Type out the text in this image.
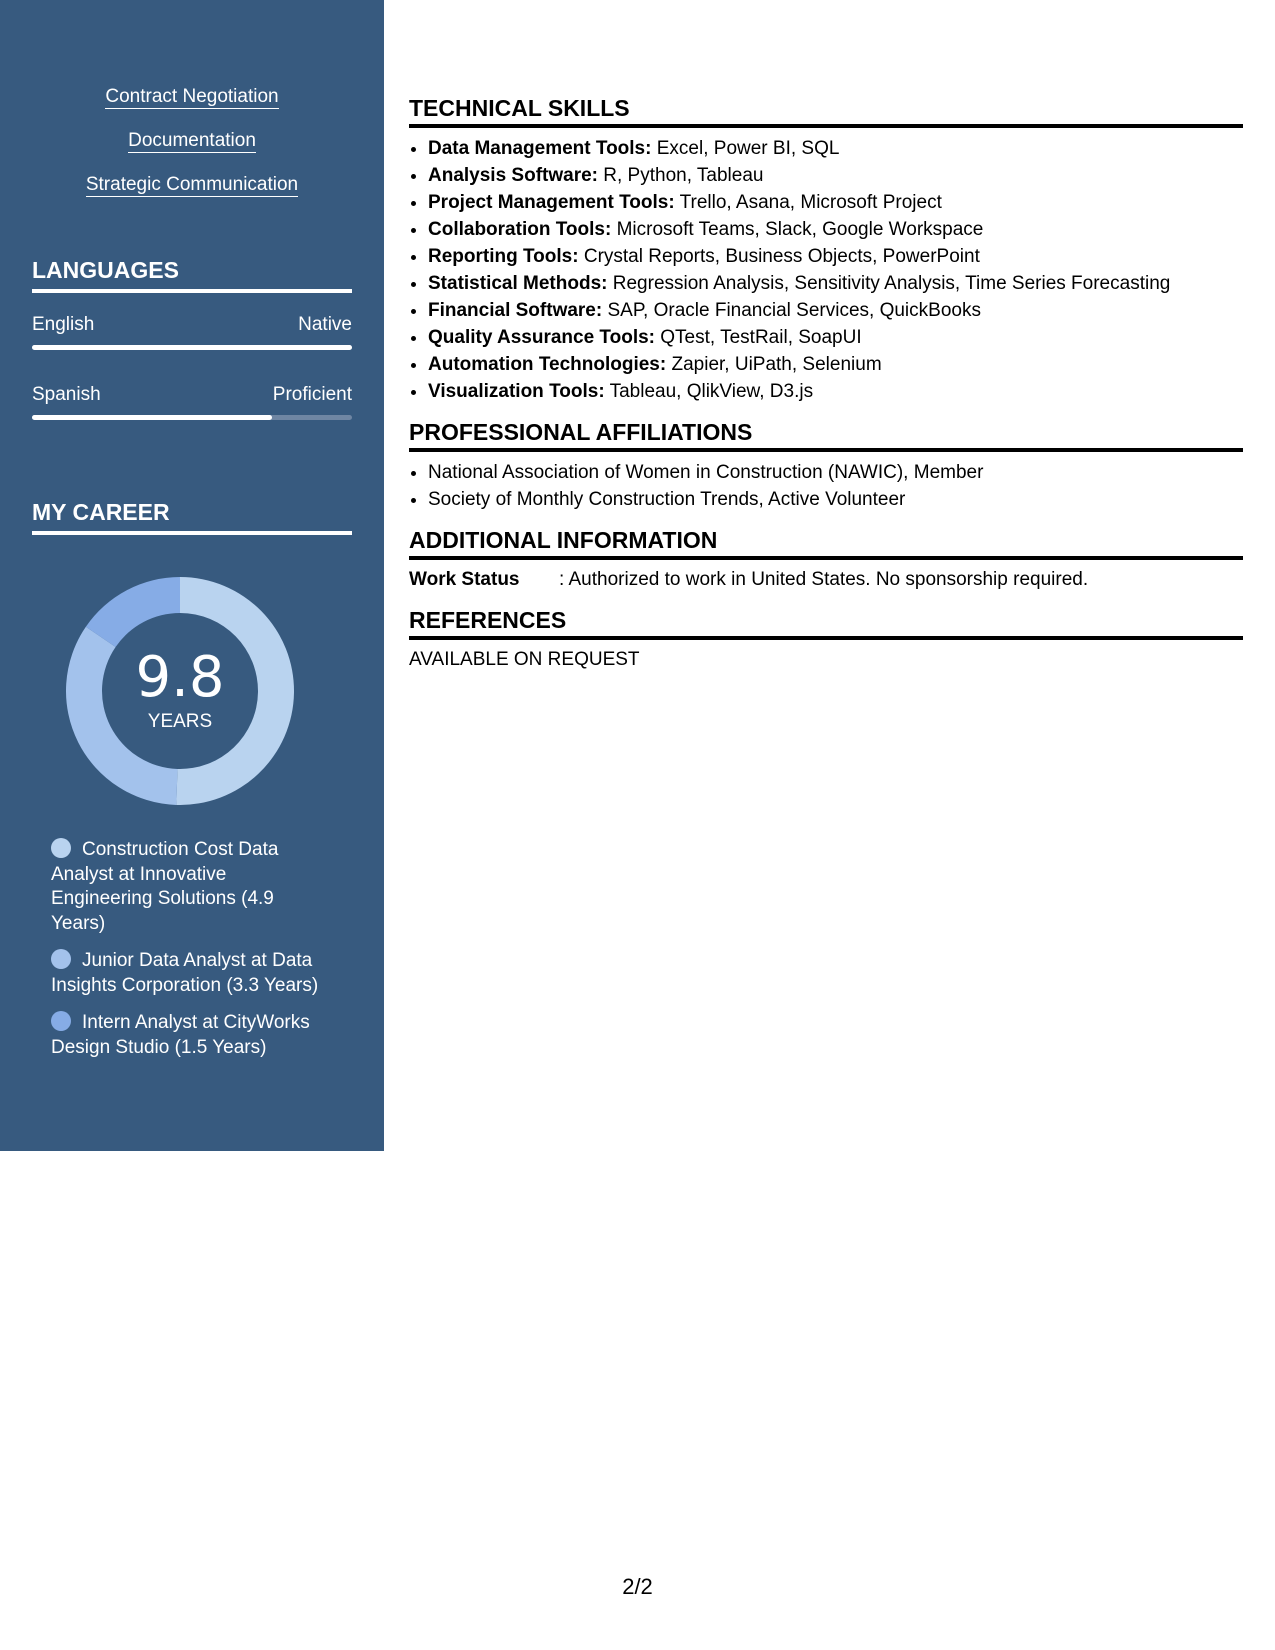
Contract Negotiation
Documentation
Strategic Communication
LANGUAGES
English	Native
Spanish	Proficient
MY CAREER
9.8
YEARS
Construction Cost Data Analyst at Innovative Engineering Solutions (4.9 Years)
Junior Data Analyst at Data Insights Corporation (3.3 Years)
Intern Analyst at CityWorks Design Studio (1.5 Years)
TECHNICAL SKILLS
• Data Management Tools: Excel, Power BI, SQL
• Analysis Software: R, Python, Tableau
• Project Management Tools: Trello, Asana, Microsoft Project
• Collaboration Tools: Microsoft Teams, Slack, Google Workspace
• Reporting Tools: Crystal Reports, Business Objects, PowerPoint
• Statistical Methods: Regression Analysis, Sensitivity Analysis, Time Series Forecasting
• Financial Software: SAP, Oracle Financial Services, QuickBooks
• Quality Assurance Tools: QTest, TestRail, SoapUI
• Automation Technologies: Zapier, UiPath, Selenium
• Visualization Tools: Tableau, QlikView, D3.js
PROFESSIONAL AFFILIATIONS
• National Association of Women in Construction (NAWIC), Member
• Society of Monthly Construction Trends, Active Volunteer
ADDITIONAL INFORMATION
Work Status : Authorized to work in United States. No sponsorship required.
REFERENCES
AVAILABLE ON REQUEST
2/2
